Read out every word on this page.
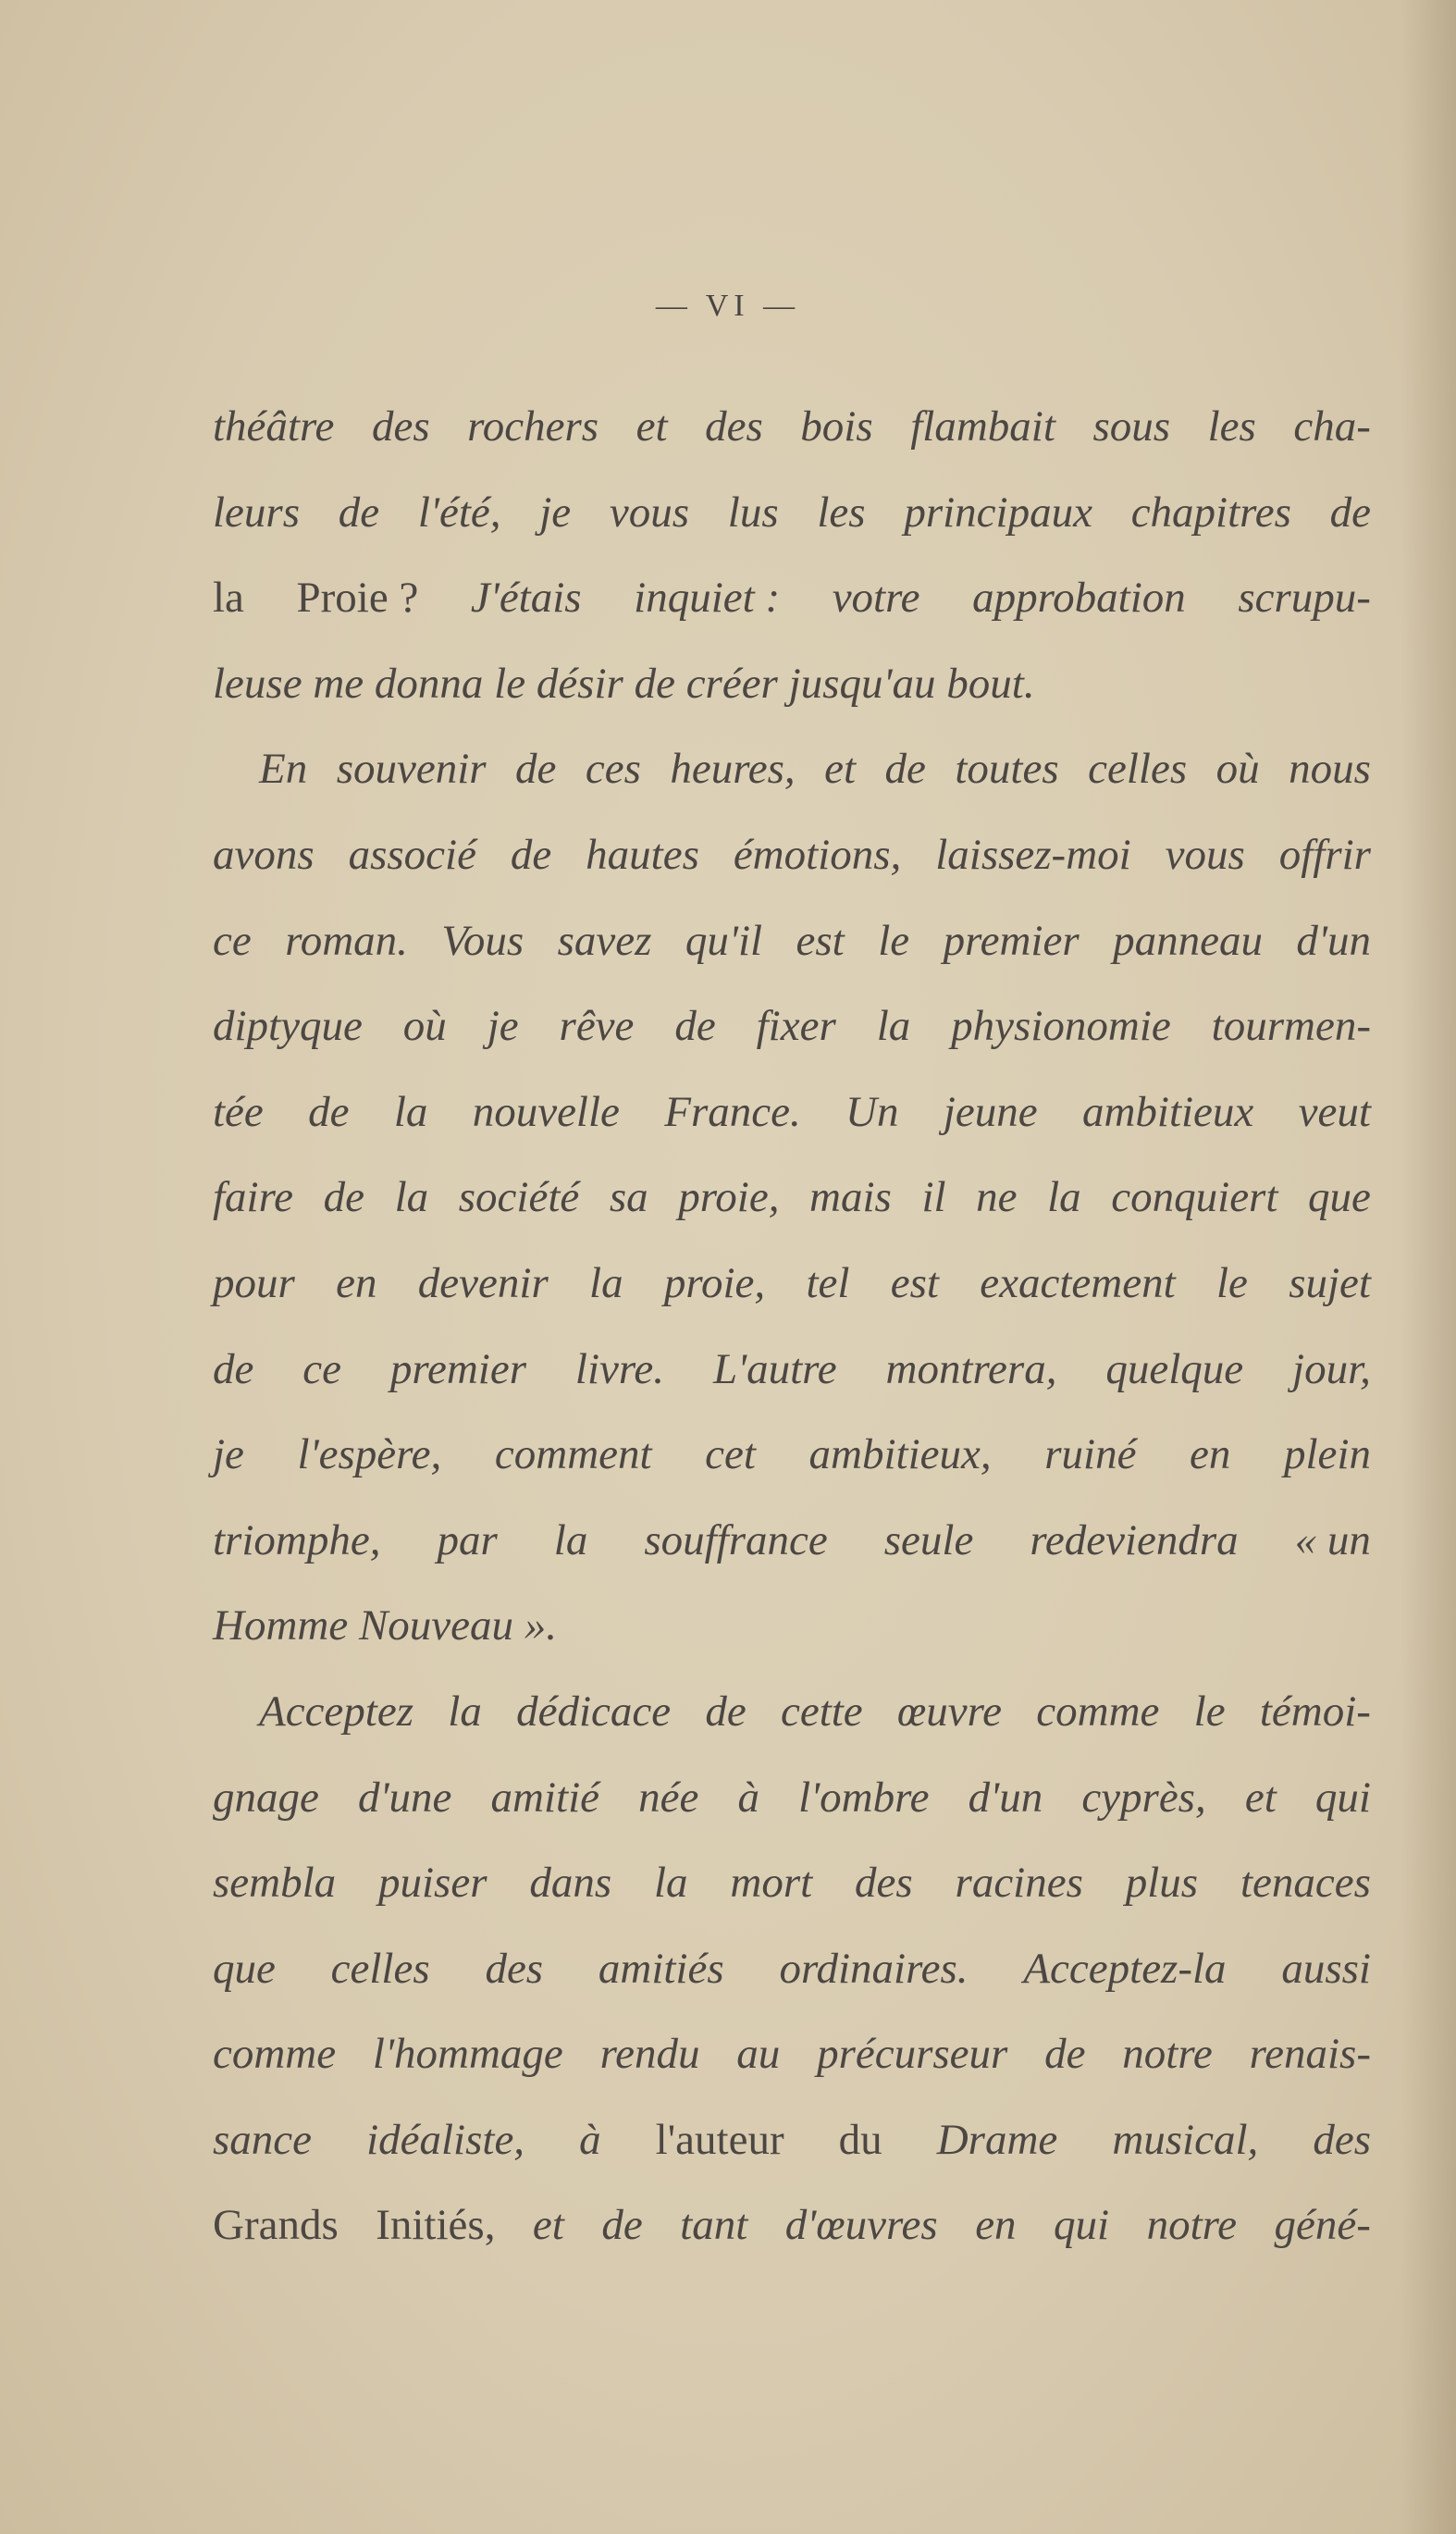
— VI —
théâtre des rochers et des bois flambait sous les cha-
leurs de l'été, je vous lus les principaux chapitres de
la Proie ? J'étais inquiet : votre approbation scrupu-
leuse me donna le désir de créer jusqu'au bout.
En souvenir de ces heures, et de toutes celles où nous
avons associé de hautes émotions, laissez-moi vous offrir
ce roman. Vous savez qu'il est le premier panneau d'un
diptyque où je rêve de fixer la physionomie tourmen-
tée de la nouvelle France. Un jeune ambitieux veut
faire de la société sa proie, mais il ne la conquiert que
pour en devenir la proie, tel est exactement le sujet
de ce premier livre. L'autre montrera, quelque jour,
je l'espère, comment cet ambitieux, ruiné en plein
triomphe, par la souffrance seule redeviendra « un
Homme Nouveau ».
Acceptez la dédicace de cette œuvre comme le témoi-
gnage d'une amitié née à l'ombre d'un cyprès, et qui
sembla puiser dans la mort des racines plus tenaces
que celles des amitiés ordinaires. Acceptez-la aussi
comme l'hommage rendu au précurseur de notre renais-
sance idéaliste, à l'auteur du Drame musical, des
Grands Initiés, et de tant d'œuvres en qui notre géné-
